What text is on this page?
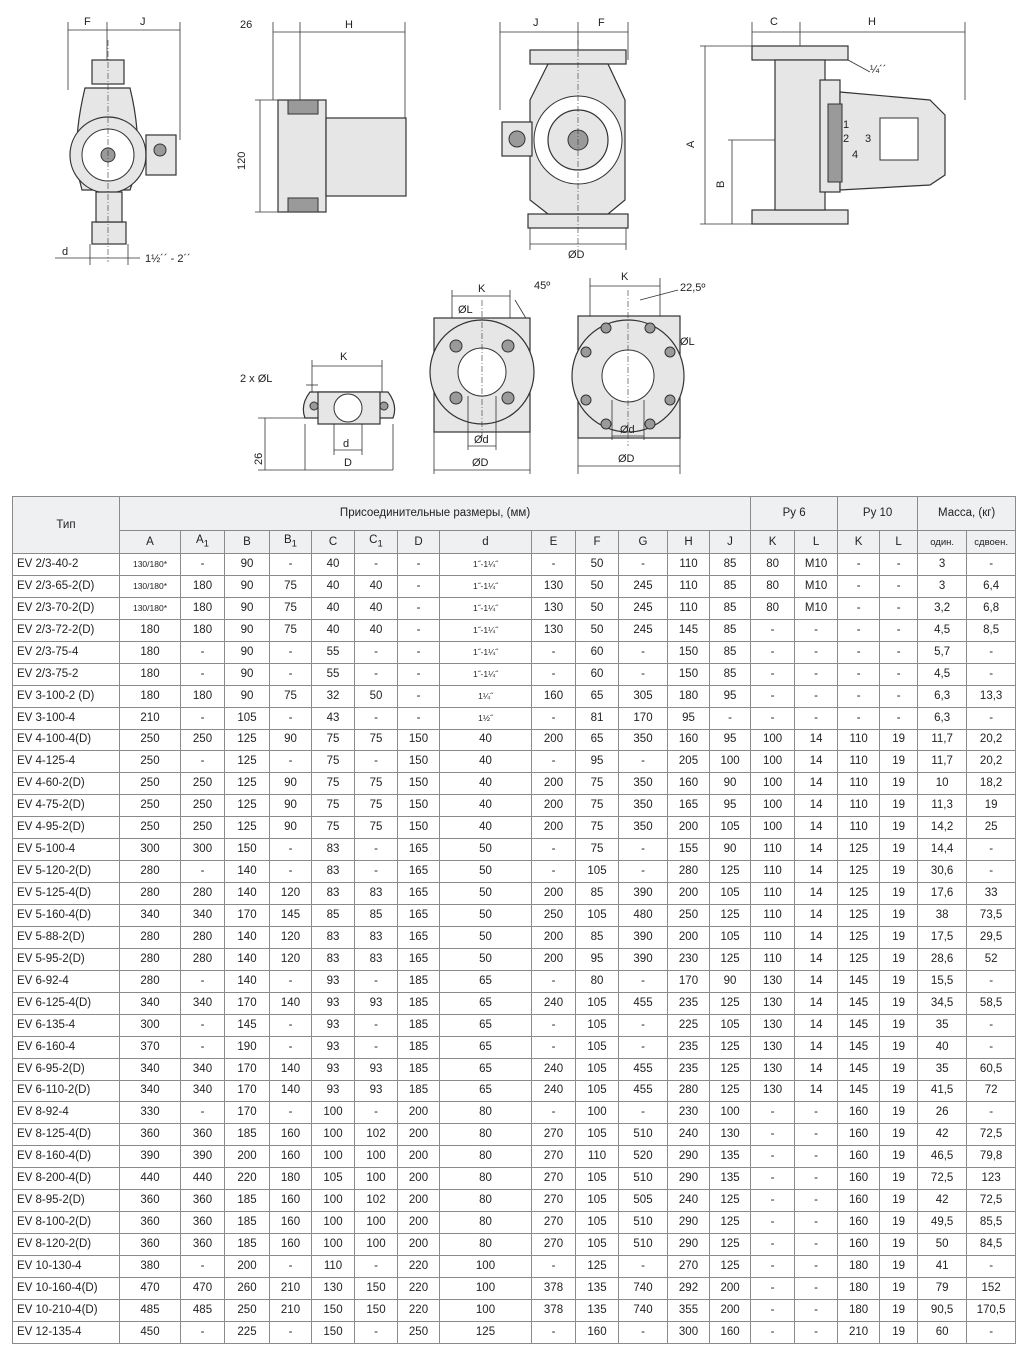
F	J
d
1½´´ - 2´´
26	H
120
J	F
ØD
C	H
¼´´
1
2 3
4
A
B
K
2 x ØL
26
d
D
K	45º
ØL
Ød
ØD
K
22,5º
ØL
Ød
ØD
Тип	Присоединительные размеры, (мм)													Ру 6		Ру 10		Масса, (кг)	
	A	$A_1$	B	$B_1$	C	$C_1$	D	d	E	F	G	H	J	K	L	K	L	один.	сдвоен.
EV 2/3-40-2	130/180*	-	90	-	40	-	-	1˝-1¼˝	-	50	-	110	85	80	M10	-	-	3	-
EV 2/3-65-2(D)	130/180*	180	90	75	40	40	-	1˝-1¼˝	130	50	245	110	85	80	M10	-	-	3	6,4
EV 2/3-70-2(D)	130/180*	180	90	75	40	40	-	1˝-1¼˝	130	50	245	110	85	80	M10	-	-	3,2	6,8
EV 2/3-72-2(D)	180	180	90	75	40	40	-	1˝-1¼˝	130	50	245	145	85	-	-	-	-	4,5	8,5
EV 2/3-75-4	180	-	90	-	55	-	-	1˝-1¼˝	-	60	-	150	85	-	-	-	-	5,7	-
EV 2/3-75-2	180	-	90	-	55	-	-	1˝-1¼˝	-	60	-	150	85	-	-	-	-	4,5	-
EV 3-100-2 (D)	180	180	90	75	32	50	-	1¼˝	160	65	305	180	95	-	-	-	-	6,3	13,3
EV 3-100-4	210	-	105	-	43	-	-	1½˝	-	81	170	95	-	-	-	-	-	6,3	-
EV 4-100-4(D)	250	250	125	90	75	75	150	40	200	65	350	160	95	100	14	110	19	11,7	20,2
EV 4-125-4	250	-	125	-	75	-	150	40	-	95	-	205	100	100	14	110	19	11,7	20,2
EV 4-60-2(D)	250	250	125	90	75	75	150	40	200	75	350	160	90	100	14	110	19	10	18,2
EV 4-75-2(D)	250	250	125	90	75	75	150	40	200	75	350	165	95	100	14	110	19	11,3	19
EV 4-95-2(D)	250	250	125	90	75	75	150	40	200	75	350	200	105	100	14	110	19	14,2	25
EV 5-100-4	300	300	150	-	83	-	165	50	-	75	-	155	90	110	14	125	19	14,4	-
EV 5-120-2(D)	280	-	140	-	83	-	165	50	-	105	-	280	125	110	14	125	19	30,6	-
EV 5-125-4(D)	280	280	140	120	83	83	165	50	200	85	390	200	105	110	14	125	19	17,6	33
EV 5-160-4(D)	340	340	170	145	85	85	165	50	250	105	480	250	125	110	14	125	19	38	73,5
EV 5-88-2(D)	280	280	140	120	83	83	165	50	200	85	390	200	105	110	14	125	19	17,5	29,5
EV 5-95-2(D)	280	280	140	120	83	83	165	50	200	95	390	230	125	110	14	125	19	28,6	52
EV 6-92-4	280	-	140	-	93	-	185	65	-	80	-	170	90	130	14	145	19	15,5	-
EV 6-125-4(D)	340	340	170	140	93	93	185	65	240	105	455	235	125	130	14	145	19	34,5	58,5
EV 6-135-4	300	-	145	-	93	-	185	65	-	105	-	225	105	130	14	145	19	35	-
EV 6-160-4	370	-	190	-	93	-	185	65	-	105	-	235	125	130	14	145	19	40	-
EV 6-95-2(D)	340	340	170	140	93	93	185	65	240	105	455	235	125	130	14	145	19	35	60,5
EV 6-110-2(D)	340	340	170	140	93	93	185	65	240	105	455	280	125	130	14	145	19	41,5	72
EV 8-92-4	330	-	170	-	100	-	200	80	-	100	-	230	100	-	-	160	19	26	-
EV 8-125-4(D)	360	360	185	160	100	102	200	80	270	105	510	240	130	-	-	160	19	42	72,5
EV 8-160-4(D)	390	390	200	160	100	100	200	80	270	110	520	290	135	-	-	160	19	46,5	79,8
EV 8-200-4(D)	440	440	220	180	105	100	200	80	270	105	510	290	135	-	-	160	19	72,5	123
EV 8-95-2(D)	360	360	185	160	100	102	200	80	270	105	505	240	125	-	-	160	19	42	72,5
EV 8-100-2(D)	360	360	185	160	100	100	200	80	270	105	510	290	125	-	-	160	19	49,5	85,5
EV 8-120-2(D)	360	360	185	160	100	100	200	80	270	105	510	290	125	-	-	160	19	50	84,5
EV 10-130-4	380	-	200	-	110	-	220	100	-	125	-	270	125	-	-	180	19	41	-
EV 10-160-4(D)	470	470	260	210	130	150	220	100	378	135	740	292	200	-	-	180	19	79	152
EV 10-210-4(D)	485	485	250	210	150	150	220	100	378	135	740	355	200	-	-	180	19	90,5	170,5
EV 12-135-4	450	-	225	-	150	-	250	125	-	160	-	300	160	-	-	210	19	60	-
